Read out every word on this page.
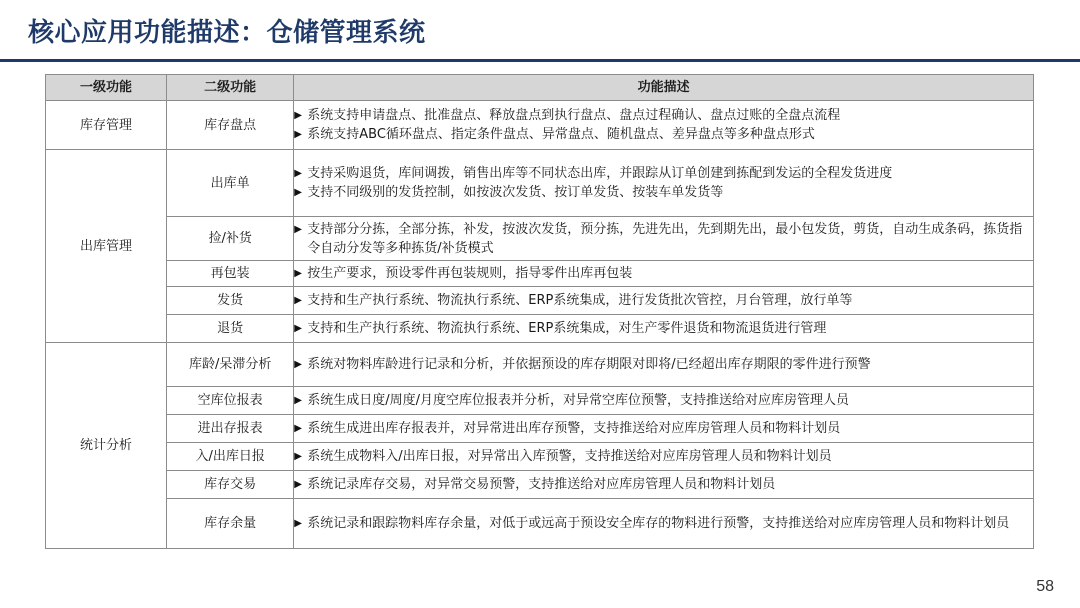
核心应用功能描述：仓储管理系统
一级功能	二级功能	功能描述
库存管理	库存盘点	▶ 系统支持申请盘点、批准盘点、释放盘点到执行盘点、盘点过程确认、盘点过账的全盘点流程
▶ 系统支持ABC循环盘点、指定条件盘点、异常盘点、随机盘点、差异盘点等多种盘点形式

出库管理	出库单	▶ 支持采购退货，库间调拨，销售出库等不同状态出库，并跟踪从订单创建到拣配到发运的全程发货进度
▶ 支持不同级别的发货控制，如按波次发货、按订单发货、按装车单发货等

	捡/补货	▶ 支持部分分拣，全部分拣，补发，按波次发货，预分拣，先进先出，先到期先出，最小包发货，剪货，自动生成条码，拣货指令自动分发等多种拣货/补货模式

	再包装	▶ 按生产要求，预设零件再包装规则，指导零件出库再包装

	发货	▶ 支持和生产执行系统、物流执行系统、ERP系统集成，进行发货批次管控，月台管理，放行单等

	退货	▶ 支持和生产执行系统、物流执行系统、ERP系统集成，对生产零件退货和物流退货进行管理

统计分析	库龄/呆滞分析	▶ 系统对物料库龄进行记录和分析，并依据预设的库存期限对即将/已经超出库存期限的零件进行预警

	空库位报表	▶ 系统生成日度/周度/月度空库位报表并分析，对异常空库位预警，支持推送给对应库房管理人员

	进出存报表	▶ 系统生成进出库存报表并，对异常进出库存预警，支持推送给对应库房管理人员和物料计划员

	入/出库日报	▶ 系统生成物料入/出库日报，对异常出入库预警，支持推送给对应库房管理人员和物料计划员

	库存交易	▶ 系统记录库存交易，对异常交易预警，支持推送给对应库房管理人员和物料计划员

	库存余量	▶ 系统记录和跟踪物料库存余量，对低于或远高于预设安全库存的物料进行预警，支持推送给对应库房管理人员和物料计划员
58
